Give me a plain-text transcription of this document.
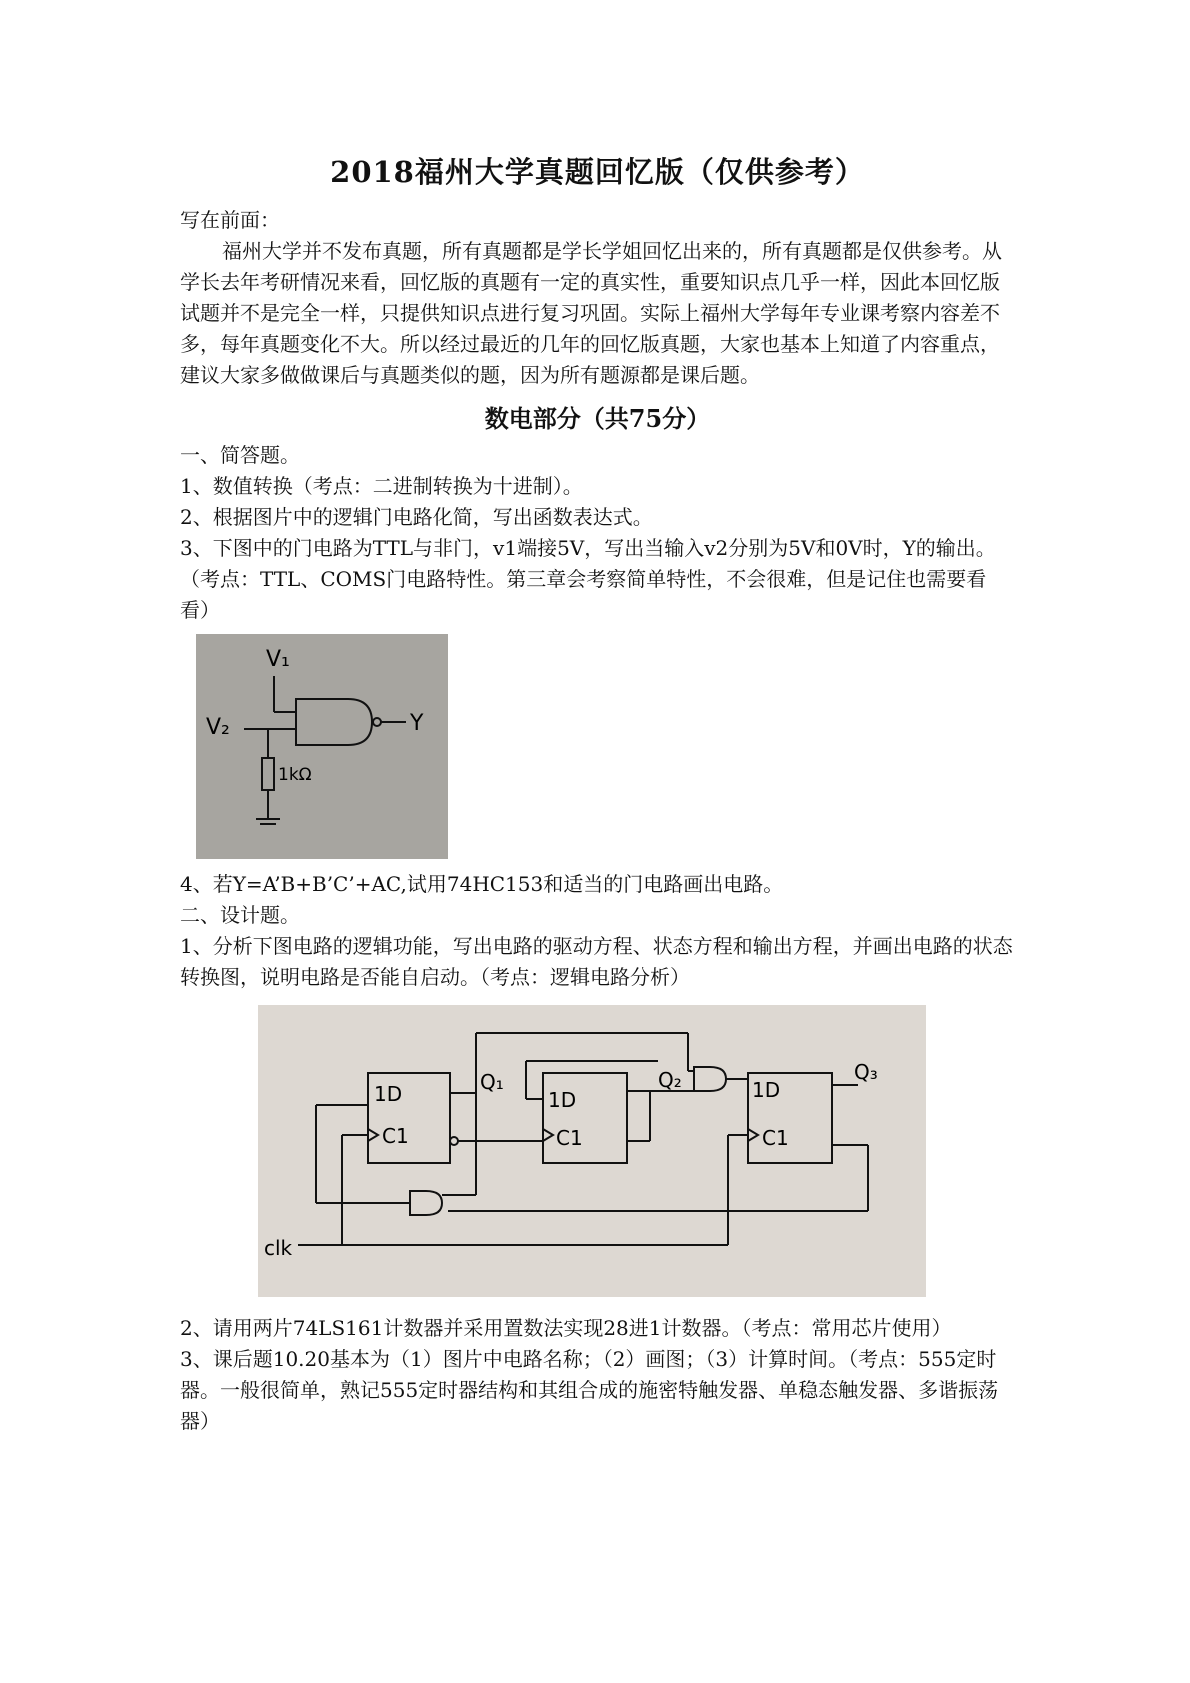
2018福州大学真题回忆版（仅供参考）

写在前面：

福州大学并不发布真题，所有真题都是学长学姐回忆出来的，所有真题都是仅供参考。从学长去年考研情况来看，回忆版的真题有一定的真实性，重要知识点几乎一样，因此本回忆版试题并不是完全一样，只提供知识点进行复习巩固。实际上福州大学每年专业课考察内容差不多，每年真题变化不大。所以经过最近的几年的回忆版真题，大家也基本上知道了内容重点，建议大家多做做课后与真题类似的题，因为所有题源都是课后题。

数电部分（共75分）

一、简答题。

1、数值转换（考点：二进制转换为十进制）。

2、根据图片中的逻辑门电路化简，写出函数表达式。

3、下图中的门电路为TTL与非门，v1端接5V，写出当输入v2分别为5V和0V时，Y的输出。（考点：TTL、COMS门电路特性。第三章会考察简单特性，不会很难，但是记住也需要看看）

V₁
V₂	Y
1kΩ

4、若Y=A’B+B’C’+AC,试用74HC153和适当的门电路画出电路。

二、设计题。

1、分析下图电路的逻辑功能，写出电路的驱动方程、状态方程和输出方程，并画出电路的状态转换图，说明电路是否能自启动。（考点：逻辑电路分析）

1D
C1
1D
C1
1D
C1
Q₁	Q₂	Q₃
clk

2、请用两片74LS161计数器并采用置数法实现28进1计数器。（考点：常用芯片使用）

3、课后题10.20基本为（1）图片中电路名称；（2）画图；（3）计算时间。（考点：555定时器。一般很简单，熟记555定时器结构和其组合成的施密特触发器、单稳态触发器、多谐振荡器）
